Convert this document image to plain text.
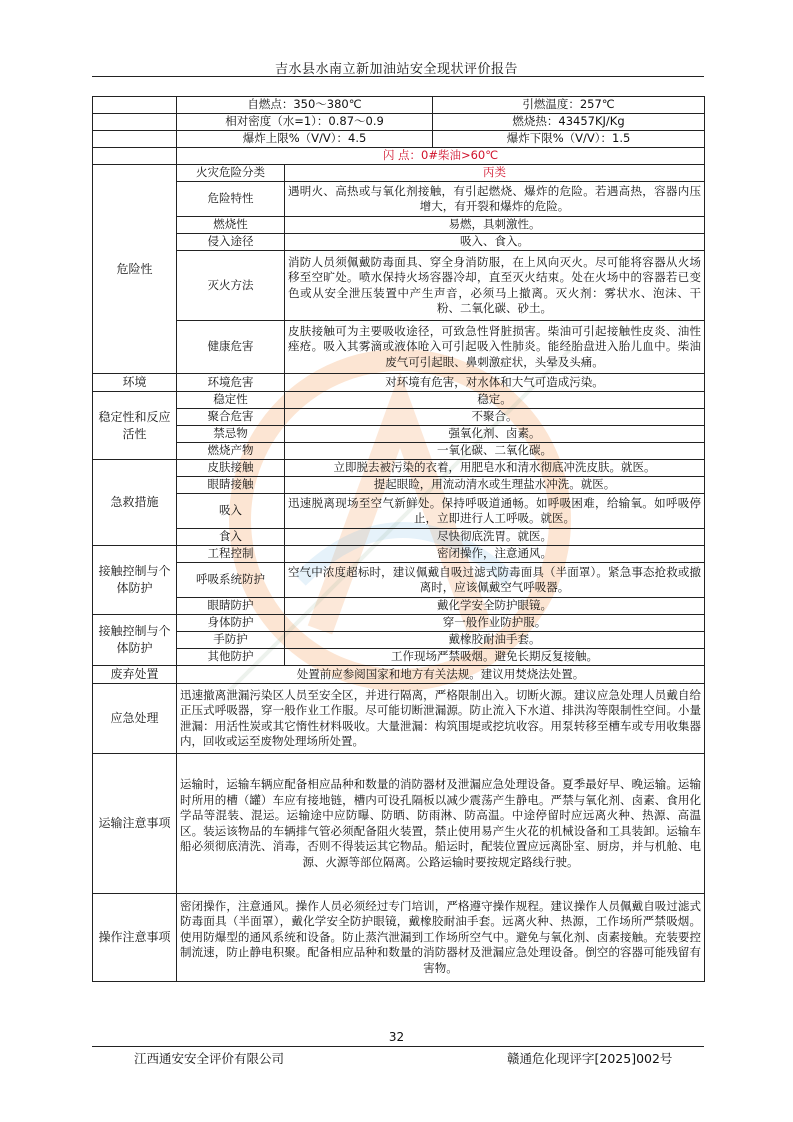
吉水县水南立新加油站安全现状评价报告
	自燃点：350～380℃		引燃温度：257℃
	相对密度（水=1）：0.87～0.9		燃烧热：43457KJ/Kg
	爆炸上限%（V/V）：4.5		爆炸下限%（V/V）：1.5
	闪 点：0#柴油>60℃		
危险性	火灾危险分类	丙类	
	危险特性	遇明火、高热或与氧化剂接触，有引起燃烧、爆炸的危险。若遇高热，容器内压增大，有开裂和爆炸的危险。	
	燃烧性	易燃，具刺激性。	
	侵入途径	吸入、食入。	
	灭火方法	消防人员须佩戴防毒面具、穿全身消防服，在上风向灭火。尽可能将容器从火场移至空旷处。喷水保持火场容器冷却，直至灭火结束。处在火场中的容器若已变色或从安全泄压装置中产生声音，必须马上撤离。灭火剂：雾状水、泡沫、干粉、二氧化碳、砂土。	
	健康危害	皮肤接触可为主要吸收途径，可致急性肾脏损害。柴油可引起接触性皮炎、油性痤疮。吸入其雾滴或液体呛入可引起吸入性肺炎。能经胎盘进入胎儿血中。柴油废气可引起眼、鼻刺激症状，头晕及头痛。	
环境	环境危害	对环境有危害，对水体和大气可造成污染。	
稳定性和反应活性	稳定性	稳定。	
	聚合危害	不聚合。	
	禁忌物	强氧化剂、卤素。	
	燃烧产物	一氧化碳、二氧化碳。	
急救措施	皮肤接触	立即脱去被污染的衣着，用肥皂水和清水彻底冲洗皮肤。就医。	
	眼睛接触	提起眼睑，用流动清水或生理盐水冲洗。就医。	
	吸入	迅速脱离现场至空气新鲜处。保持呼吸道通畅。如呼吸困难，给输氧。如呼吸停止，立即进行人工呼吸。就医。	
	食入	尽快彻底洗胃。就医。	
接触控制与个体防护	工程控制	密闭操作，注意通风。	
	呼吸系统防护	空气中浓度超标时，建议佩戴自吸过滤式防毒面具（半面罩）。紧急事态抢救或撤离时，应该佩戴空气呼吸器。	
	眼睛防护	戴化学安全防护眼镜。	
接触控制与个体防护	身体防护	穿一般作业防护服。	
	手防护	戴橡胶耐油手套。	
	其他防护	工作现场严禁吸烟。避免长期反复接触。	
废弃处置	处置前应参阅国家和地方有关法规。建议用焚烧法处置。		
应急处理	迅速撤离泄漏污染区人员至安全区，并进行隔离，严格限制出入。切断火源。建议应急处理人员戴自给正压式呼吸器，穿一般作业工作服。尽可能切断泄漏源。防止流入下水道、排洪沟等限制性空间。小量泄漏：用活性炭或其它惰性材料吸收。大量泄漏：构筑围堤或挖坑收容。用泵转移至槽车或专用收集器内，回收或运至废物处理场所处置。		
运输注意事项	运输时，运输车辆应配备相应品种和数量的消防器材及泄漏应急处理设备。夏季最好早、晚运输。运输时所用的槽（罐）车应有接地链，槽内可设孔隔板以减少震荡产生静电。严禁与氧化剂、卤素、食用化学品等混装、混运。运输途中应防曝、防晒、防雨淋、防高温。中途停留时应远离火种、热源、高温区。装运该物品的车辆排气管必须配备阻火装置，禁止使用易产生火花的机械设备和工具装卸。运输车船必须彻底清洗、消毒，否则不得装运其它物品。船运时，配装位置应远离卧室、厨房，并与机舱、电源、火源等部位隔离。公路运输时要按规定路线行驶。		
操作注意事项	密闭操作，注意通风。操作人员必须经过专门培训，严格遵守操作规程。建议操作人员佩戴自吸过滤式防毒面具（半面罩），戴化学安全防护眼镜，戴橡胶耐油手套。远离火种、热源，工作场所严禁吸烟。使用防爆型的通风系统和设备。防止蒸汽泄漏到工作场所空气中。避免与氧化剂、卤素接触。充装要控制流速，防止静电积聚。配备相应品种和数量的消防器材及泄漏应急处理设备。倒空的容器可能残留有害物。		
32
江西通安安全评价有限公司	赣通危化现评字[2025]002号
